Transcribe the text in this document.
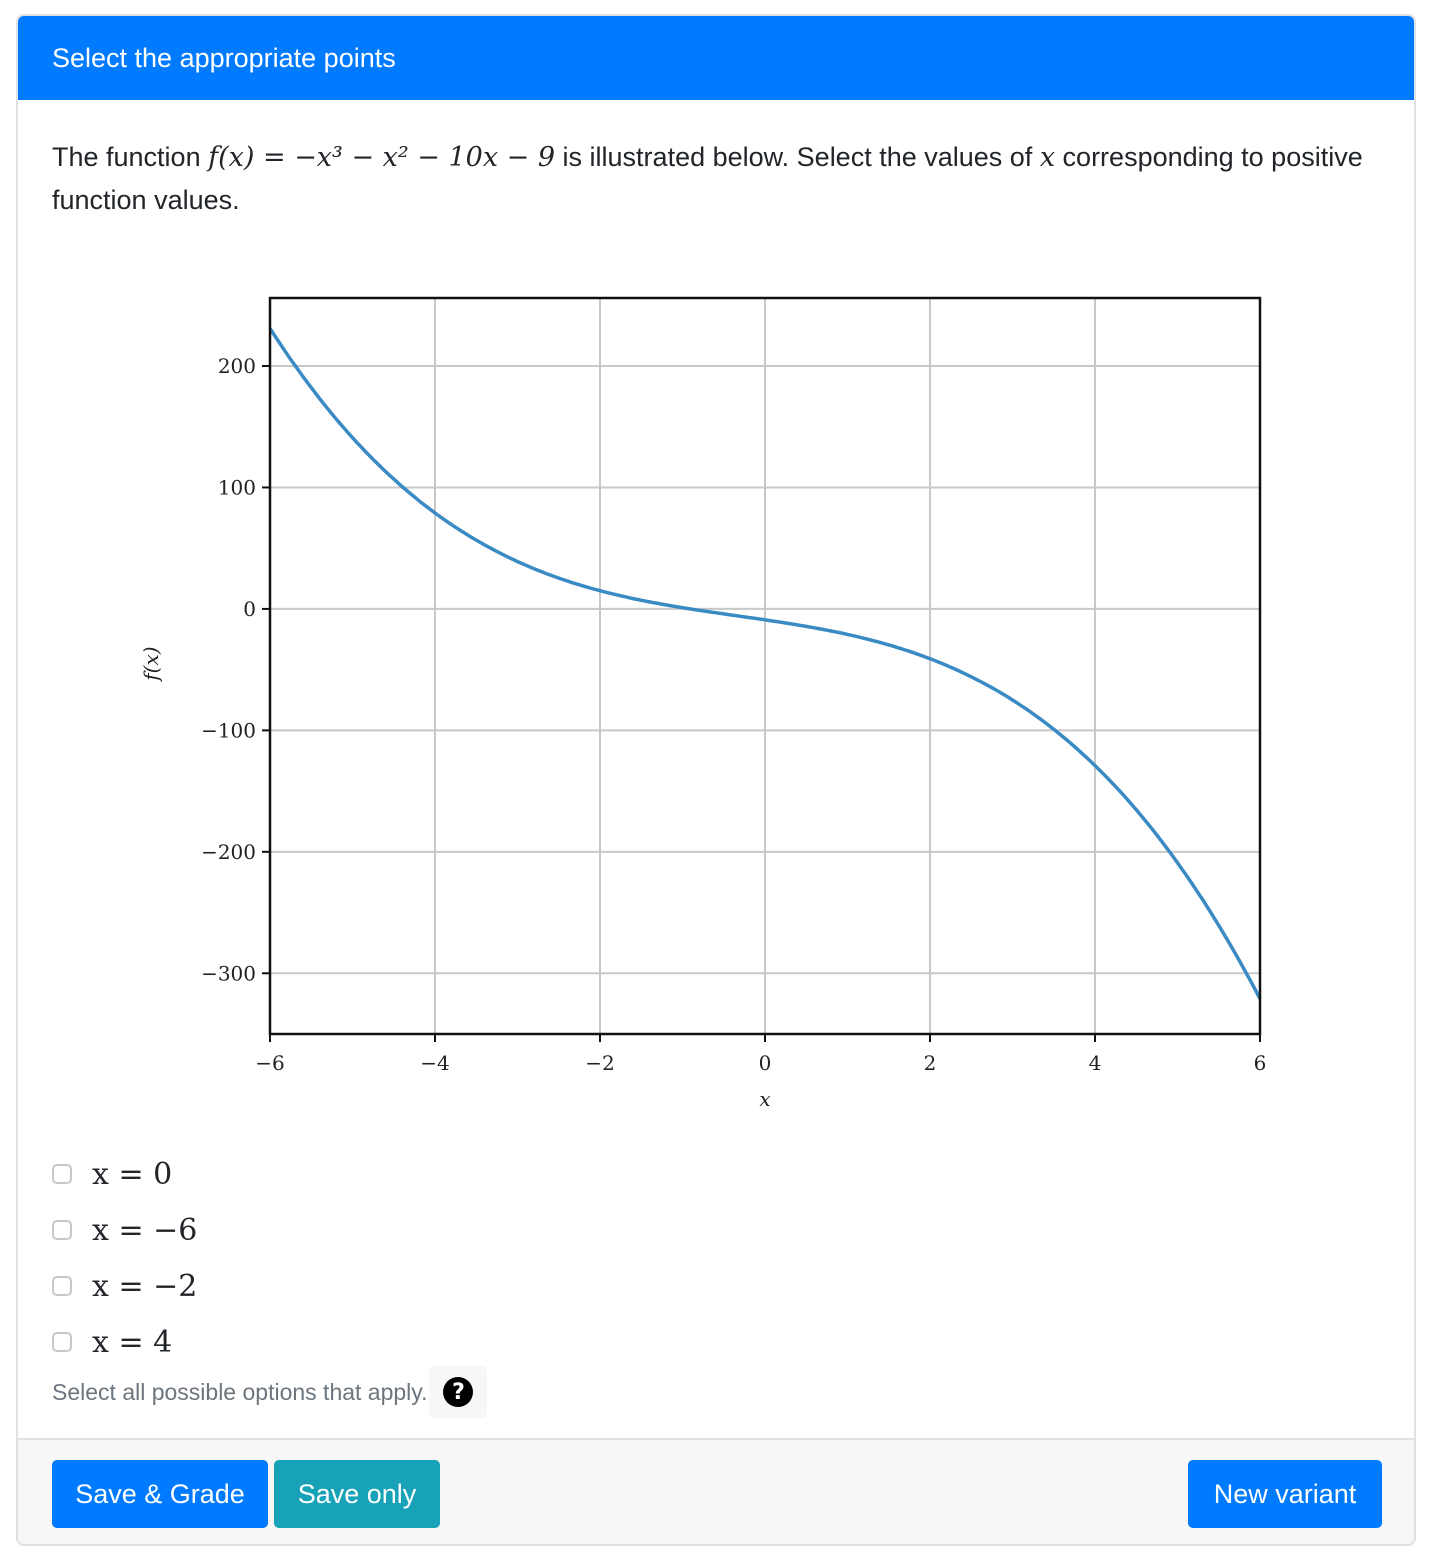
Select the appropriate points
The function f(x) = −x³ − x² − 10x − 9 is illustrated below. Select the values of x corresponding to positive function values.
−6	−4	−2	0	2	4	6
200
100
0
−100
−200
−300
x
f(x)
x = 0
x = −6
x = −2
x = 4
Select all possible options that apply.	?
Save & Grade	Save only	New variant
